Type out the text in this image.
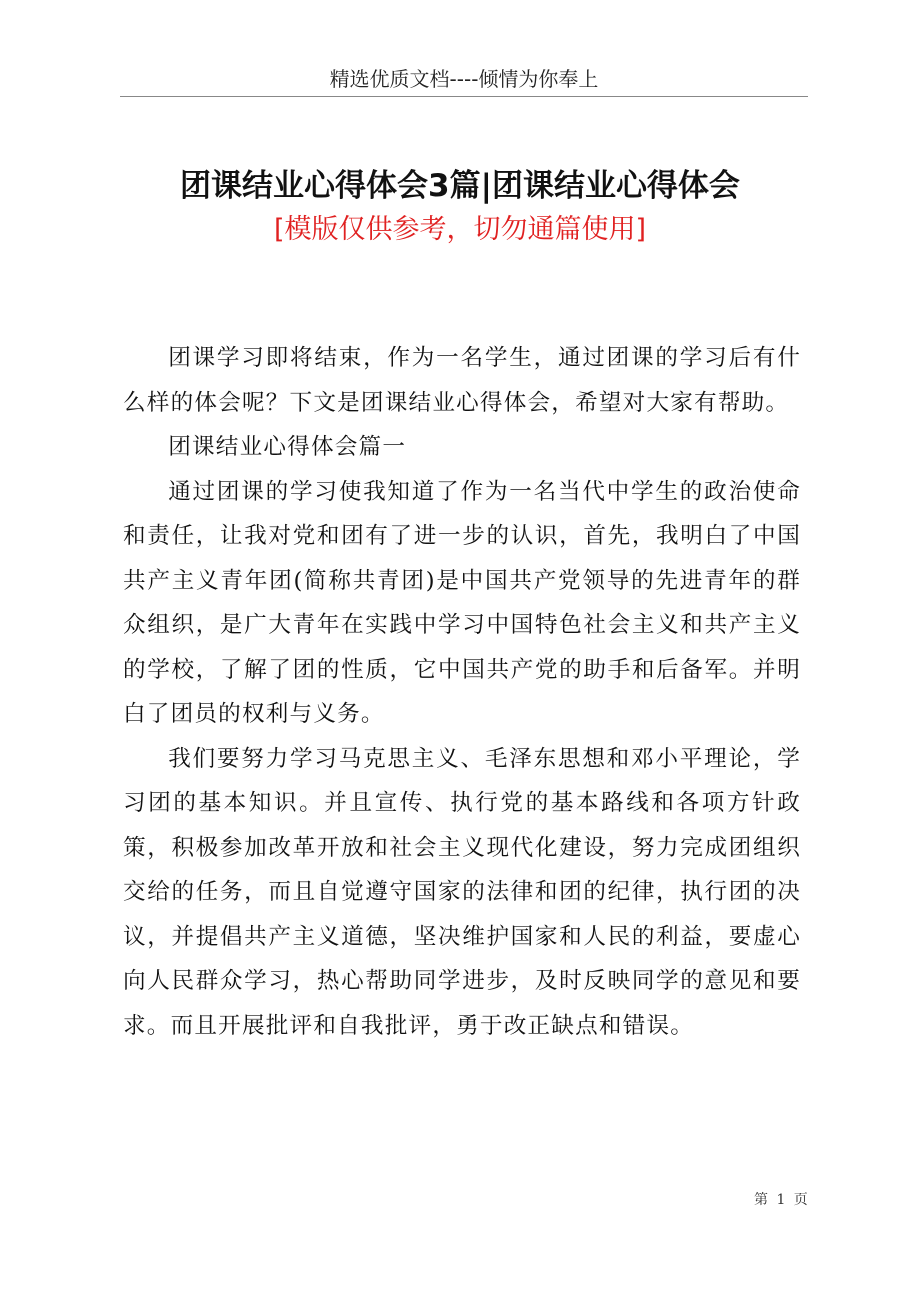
精选优质文档----倾情为你奉上
团课结业心得体会3篇|团课结业心得体会
[模版仅供参考，切勿通篇使用]

团课学习即将结束，作为一名学生，通过团课的学习后有什么样的体会呢？下文是团课结业心得体会，希望对大家有帮助。

团课结业心得体会篇一

通过团课的学习使我知道了作为一名当代中学生的政治使命和责任，让我对党和团有了进一步的认识，首先，我明白了中国共产主义青年团(简称共青团)是中国共产党领导的先进青年的群众组织，是广大青年在实践中学习中国特色社会主义和共产主义的学校，了解了团的性质，它中国共产党的助手和后备军。并明白了团员的权利与义务。

我们要努力学习马克思主义、毛泽东思想和邓小平理论，学习团的基本知识。并且宣传、执行党的基本路线和各项方针政策，积极参加改革开放和社会主义现代化建设，努力完成团组织交给的任务，而且自觉遵守国家的法律和团的纪律，执行团的决议，并提倡共产主义道德，坚决维护国家和人民的利益，要虚心向人民群众学习，热心帮助同学进步，及时反映同学的意见和要求。而且开展批评和自我批评，勇于改正缺点和错误。

第 1 页
